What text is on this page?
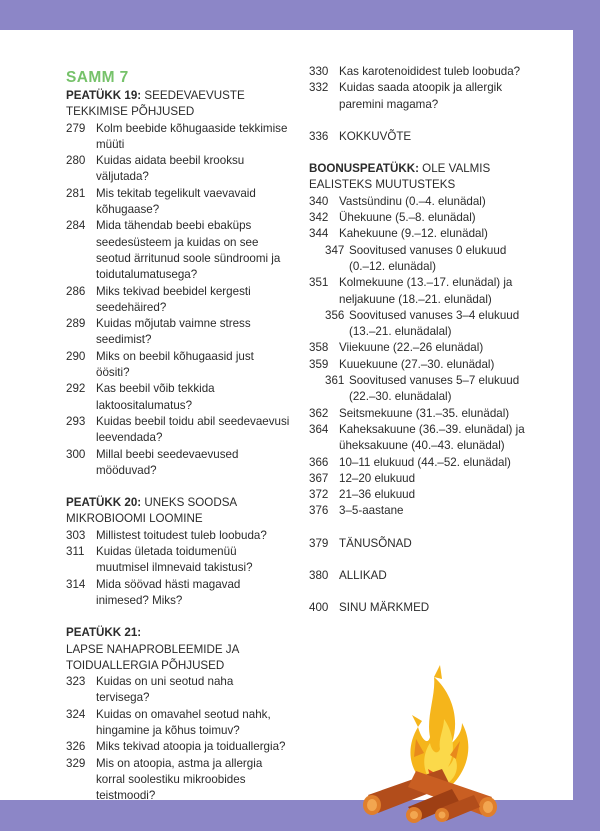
SAMM 7
PEATÜKK 19: SEEDEVAEVUSTE
TEKKIMISE PÕHJUSED
279 Kolm beebide kõhugaaside tekkimise
müüti
280 Kuidas aidata beebil krooksu
väljutada?
281 Mis tekitab tegelikult vaevavaid
kõhugaase?
284 Mida tähendab beebi ebaküps
seedesüsteem ja kuidas on see
seotud ärritunud soole sündroomi ja
toidutalumatusega?
286 Miks tekivad beebidel kergesti
seedehäired?
289 Kuidas mõjutab vaimne stress
seedimist?
290 Miks on beebil kõhugaasid just
öösiti?
292 Kas beebil võib tekkida
laktoositalumatus?
293 Kuidas beebil toidu abil seedevaevusi
leevendada?
300 Millal beebi seedevaevused
mööduvad?
PEATÜKK 20: UNEKS SOODSA
MIKROBIOOMI LOOMINE
303 Millistest toitudest tuleb loobuda?
311 Kuidas ületada toidumenüü
muutmisel ilmnevaid takistusi?
314 Mida söövad hästi magavad
inimesed? Miks?
PEATÜKK 21:
LAPSE NAHAPROBLEEMIDE JA
TOIDUALLERGIA PÕHJUSED
323 Kuidas on uni seotud naha
tervisega?
324 Kuidas on omavahel seotud nahk,
hingamine ja kõhus toimuv?
326 Miks tekivad atoopia ja toiduallergia?
329 Mis on atoopia, astma ja allergia
korral soolestiku mikroobides
teistmoodi?
330 Kas karotenoididest tuleb loobuda?
332 Kuidas saada atoopik ja allergik
paremini magama?
336 KOKKUVÕTE
BOONUSPEATÜKK: OLE VALMIS
EALISTEKS MUUTUSTEKS
340 Vastsündinu (0.–4. elunädal)
342 Ühekuune (5.–8. elunädal)
344 Kahekuune (9.–12. elunädal)
347 Soovitused vanuses 0 elukuud
(0.–12. elunädal)
351 Kolmekuune (13.–17. elunädal) ja
neljakuune (18.–21. elunädal)
356 Soovitused vanuses 3–4 elukuud
(13.–21. elunädalal)
358 Viiekuune (22.–26 elunädal)
359 Kuuekuune (27.–30. elunädal)
361 Soovitused vanuses 5–7 elukuud
(22.–30. elunädalal)
362 Seitsmekuune (31.–35. elunädal)
364 Kaheksakuune (36.–39. elunädal) ja
üheksakuune (40.–43. elunädal)
366 10–11 elukuud (44.–52. elunädal)
367 12–20 elukuud
372 21–36 elukuud
376 3–5-aastane
379 TÄNUSÕNAD
380 ALLIKAD
400 SINU MÄRKMED
